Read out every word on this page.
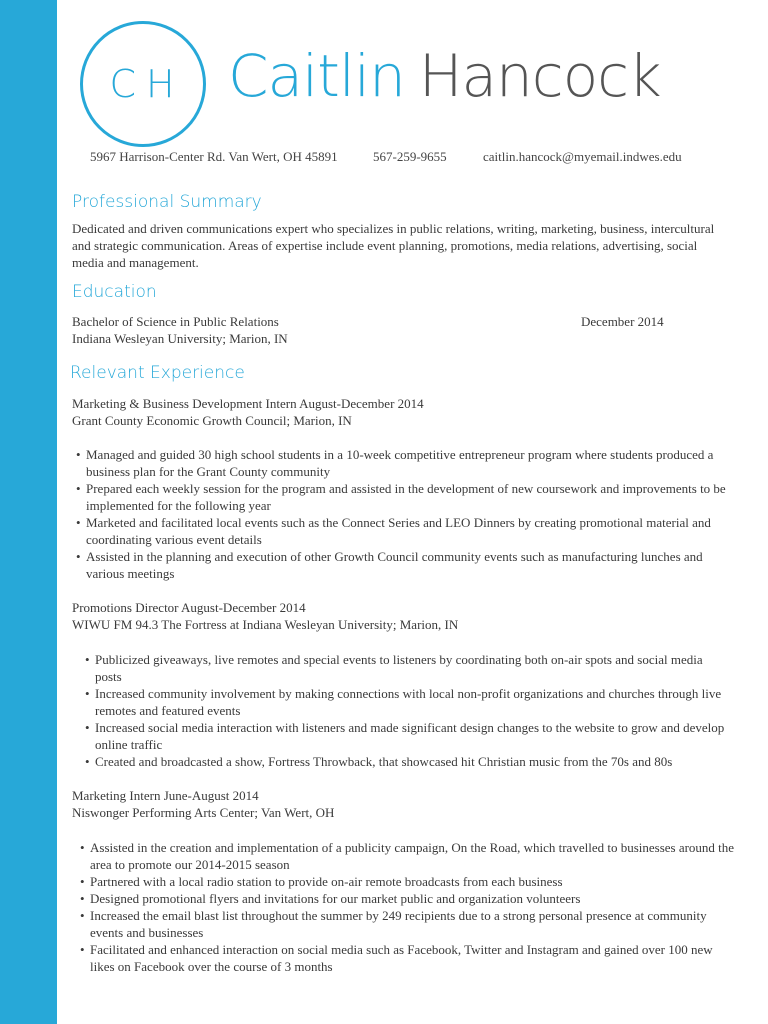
CH Caitlin Hancock
5967 Harrison-Center Rd. Van Wert, OH 45891	567-259-9655	caitlin.hancock@myemail.indwes.edu
Professional Summary
Dedicated and driven communications expert who specializes in public relations, writing, marketing, business, intercultural and strategic communication. Areas of expertise include event planning, promotions, media relations, advertising, social media and management.
Education
Bachelor of Science in Public Relations	December 2014
Indiana Wesleyan University; Marion, IN
Relevant Experience
Marketing & Business Development Intern August-December 2014
Grant County Economic Growth Council; Marion, IN
• Managed and guided 30 high school students in a 10-week competitive entrepreneur program where students produced a business plan for the Grant County community
• Prepared each weekly session for the program and assisted in the development of new coursework and improvements to be implemented for the following year
• Marketed and facilitated local events such as the Connect Series and LEO Dinners by creating promotional material and coordinating various event details
• Assisted in the planning and execution of other Growth Council community events such as manufacturing lunches and various meetings
Promotions Director August-December 2014
WIWU FM 94.3 The Fortress at Indiana Wesleyan University; Marion, IN
• Publicized giveaways, live remotes and special events to listeners by coordinating both on-air spots and social media posts
• Increased community involvement by making connections with local non-profit organizations and churches through live remotes and featured events
• Increased social media interaction with listeners and made significant design changes to the website to grow and develop online traffic
• Created and broadcasted a show, Fortress Throwback, that showcased hit Christian music from the 70s and 80s
Marketing Intern June-August 2014
Niswonger Performing Arts Center; Van Wert, OH
• Assisted in the creation and implementation of a publicity campaign, On the Road, which travelled to businesses around the area to promote our 2014-2015 season
• Partnered with a local radio station to provide on-air remote broadcasts from each business
• Designed promotional flyers and invitations for our market public and organization volunteers
• Increased the email blast list throughout the summer by 249 recipients due to a strong personal presence at community events and businesses
• Facilitated and enhanced interaction on social media such as Facebook, Twitter and Instagram and gained over 100 new likes on Facebook over the course of 3 months
